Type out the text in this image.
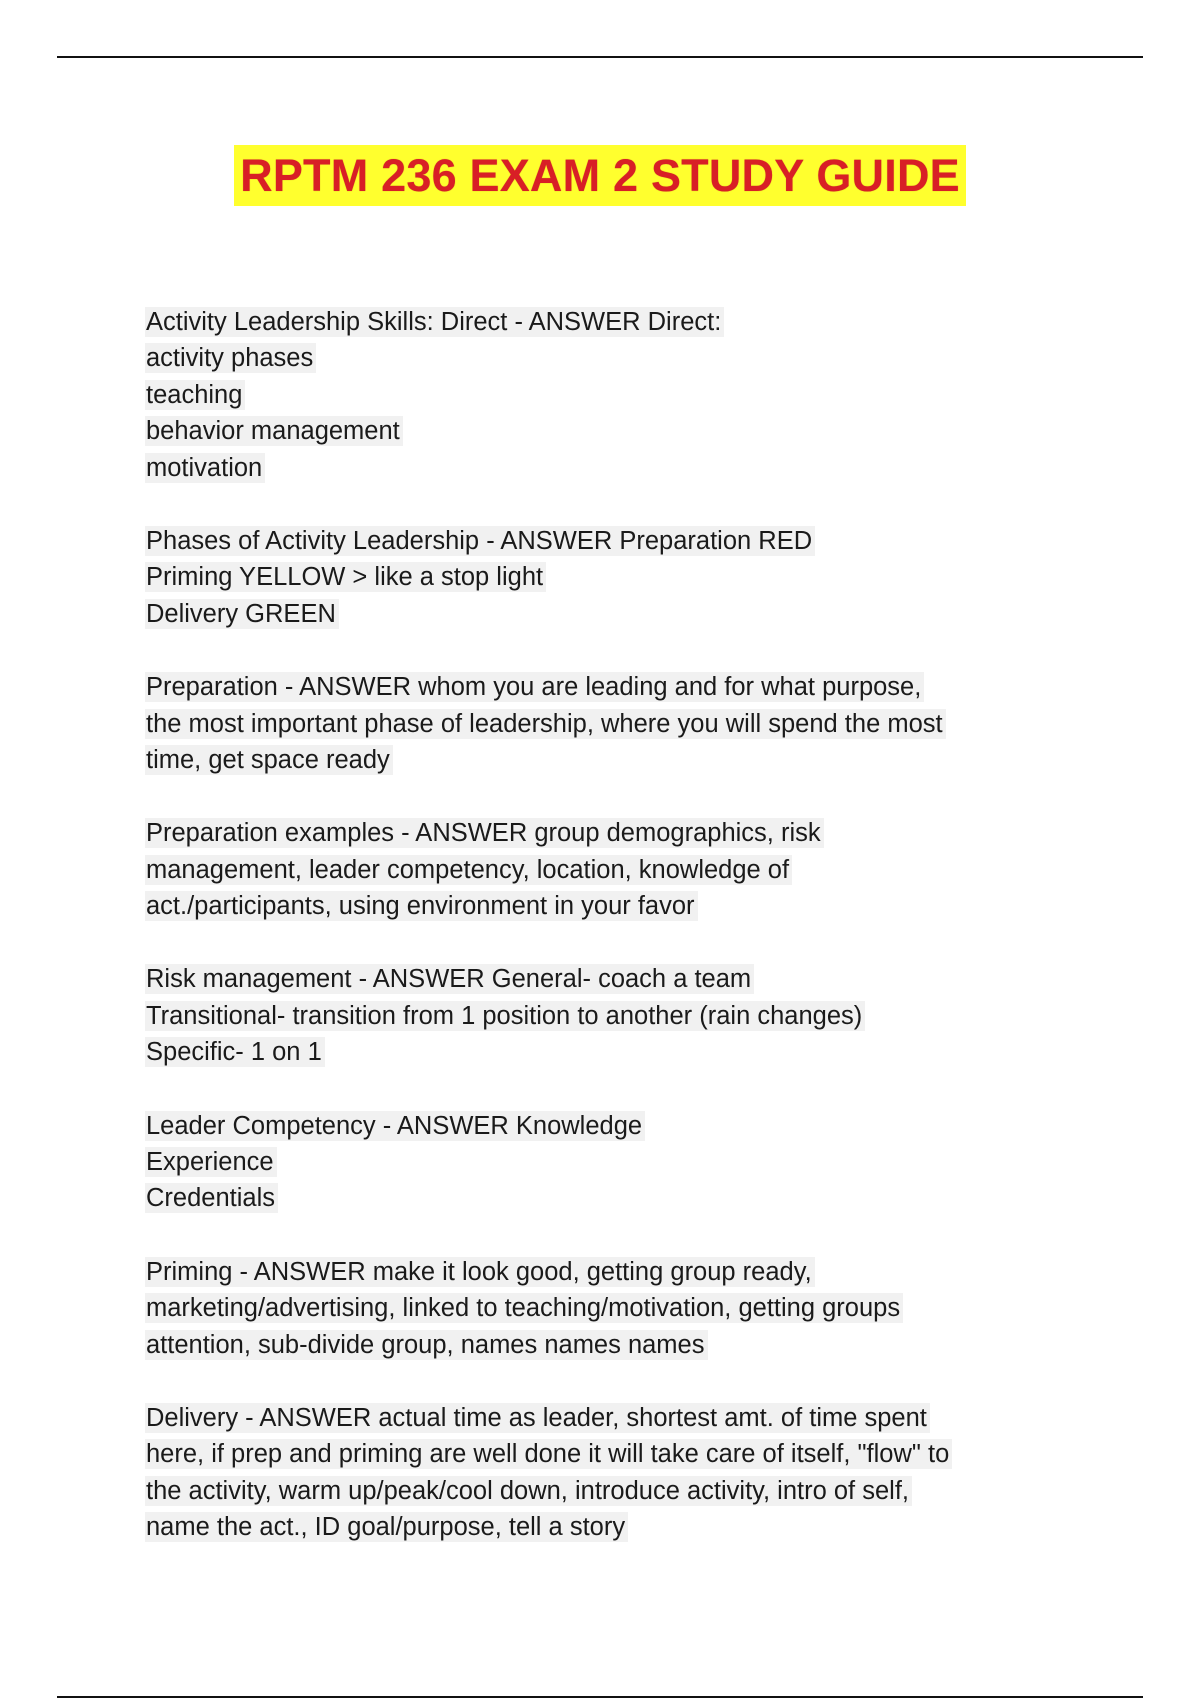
RPTM 236 EXAM 2 STUDY GUIDE
Activity Leadership Skills: Direct - ANSWER Direct:
activity phases
teaching
behavior management
motivation
Phases of Activity Leadership - ANSWER Preparation RED
Priming YELLOW > like a stop light
Delivery GREEN
Preparation - ANSWER whom you are leading and for what purpose,
the most important phase of leadership, where you will spend the most
time, get space ready
Preparation examples - ANSWER group demographics, risk
management, leader competency, location, knowledge of
act./participants, using environment in your favor
Risk management - ANSWER General- coach a team
Transitional- transition from 1 position to another (rain changes)
Specific- 1 on 1
Leader Competency - ANSWER Knowledge
Experience
Credentials
Priming - ANSWER make it look good, getting group ready,
marketing/advertising, linked to teaching/motivation, getting groups
attention, sub-divide group, names names names
Delivery - ANSWER actual time as leader, shortest amt. of time spent
here, if prep and priming are well done it will take care of itself, "flow" to
the activity, warm up/peak/cool down, introduce activity, intro of self,
name the act., ID goal/purpose, tell a story
